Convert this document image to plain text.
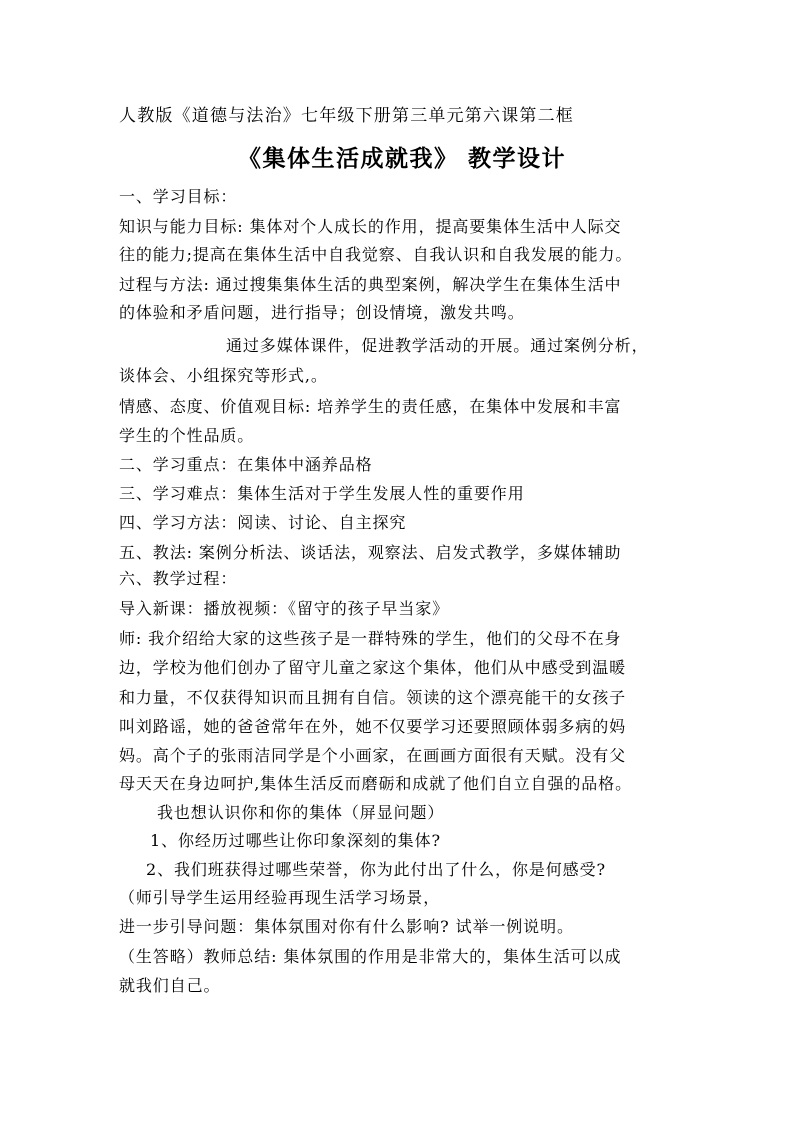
人教版《道德与法治》七年级下册第三单元第六课第二框
《集体生活成就我》 教学设计
一、学习目标：
知识与能力目标: 集体对个人成长的作用，提高要集体生活中人际交
往的能力;提高在集体生活中自我觉察、自我认识和自我发展的能力。
过程与方法: 通过搜集集体生活的典型案例，解决学生在集体生活中
的体验和矛盾问题，进行指导；创设情境，激发共鸣。
通过多媒体课件，促进教学活动的开展。通过案例分析，
谈体会、小组探究等形式,。
情感、态度、价值观目标: 培养学生的责任感，在集体中发展和丰富
学生的个性品质。
二、学习重点：在集体中涵养品格
三、学习难点：集体生活对于学生发展人性的重要作用
四、学习方法：阅读、讨论、自主探究
五、教法: 案例分析法、谈话法，观察法、启发式教学，多媒体辅助
六、教学过程：
导入新课：播放视频：《留守的孩子早当家》
师: 我介绍给大家的这些孩子是一群特殊的学生，他们的父母不在身
边，学校为他们创办了留守儿童之家这个集体，他们从中感受到温暖
和力量，不仅获得知识而且拥有自信。领读的这个漂亮能干的女孩子
叫刘路谣，她的爸爸常年在外，她不仅要学习还要照顾体弱多病的妈
妈。高个子的张雨洁同学是个小画家，在画画方面很有天赋。没有父
母天天在身边呵护,集体生活反而磨砺和成就了他们自立自强的品格。
我也想认识你和你的集体（屏显问题）
1、你经历过哪些让你印象深刻的集体?
2、我们班获得过哪些荣誉，你为此付出了什么，你是何感受?
（师引导学生运用经验再现生活学习场景，
进一步引导问题：集体氛围对你有什么影响? 试举一例说明。
（生答略）教师总结: 集体氛围的作用是非常大的，集体生活可以成
就我们自己。
